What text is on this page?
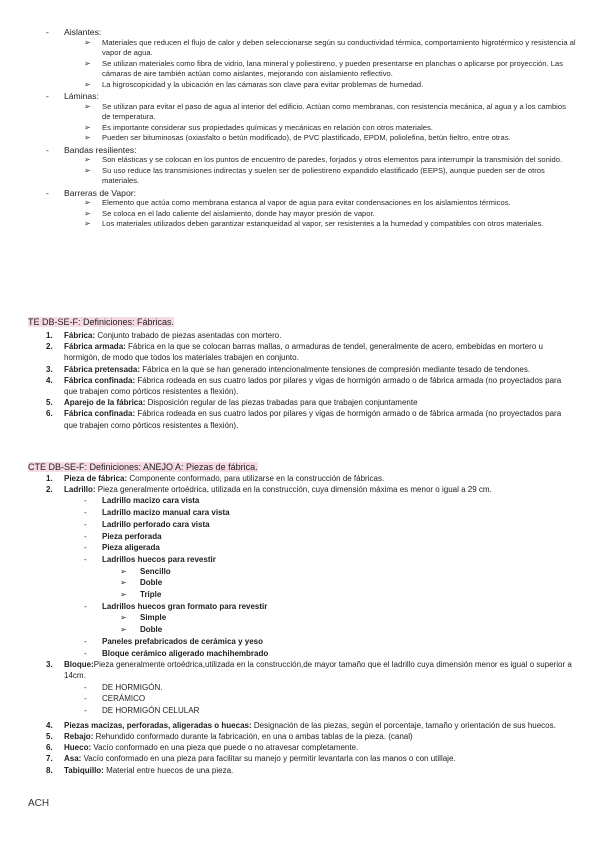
- Aislantes:
➢ Materiales que reducen el flujo de calor y deben seleccionarse según su conductividad térmica, comportamiento higrotérmico y resistencia al vapor de agua.
➢ Se utilizan materiales como fibra de vidrio, lana mineral y poliestireno, y pueden presentarse en planchas o aplicarse por proyección. Las cámaras de aire también actúan como aislantes, mejorando con aislamiento reflectivo.
➢ La higroscopicidad y la ubicación en las cámaras son clave para evitar problemas de humedad.
- Láminas:
➢ Se utilizan para evitar el paso de agua al interior del edificio. Actúan como membranas, con resistencia mecánica, al agua y a los cambios de temperatura.
➢ Es importante considerar sus propiedades químicas y mecánicas en relación con otros materiales.
➢ Pueden ser bituminosas (oxiasfalto o betún modificado), de PVC plastificado, EPDM, poliolefina, betún fieltro, entre otras.
- Bandas resilientes:
➢ Son elásticas y se colocan en los puntos de encuentro de paredes, forjados y otros elementos para interrumpir la transmisión del sonido.
➢ Su uso reduce las transmisiones indirectas y suelen ser de poliestireno expandido elastificado (EEPS), aunque pueden ser de otros materiales.
- Barreras de Vapor:
➢ Elemento que actúa como membrana estanca al vapor de agua para evitar condensaciones en los aislamientos térmicos.
➢ Se coloca en el lado caliente del aislamiento, donde hay mayor presión de vapor.
➢ Los materiales utilizados deben garantizar estanqueidad al vapor, ser resistentes a la humedad y compatibles con otros materiales.
TE DB-SE-F: Definiciones: Fábricas.
1. Fábrica: Conjunto trabado de piezas asentadas con mortero.
2. Fábrica armada: Fábrica en la que se colocan barras mallas, o armaduras de tendel, generalmente de acero, embebidas en mortero u hormigón, de modo que todos los materiales trabajen en conjunto.
3. Fábrica pretensada: Fábrica en la que se han generado intencionalmente tensiones de compresión mediante tesado de tendones.
4. Fábrica confinada: Fábrica rodeada en sus cuatro lados por pilares y vigas de hormigón armado o de fábrica armada (no proyectados para que trabajen como pórticos resistentes a flexión).
5. Aparejo de la fábrica: Disposición regular de las piezas trabadas para que trabajen conjuntamente
6. Fábrica confinada: Fábrica rodeada en sus cuatro lados por pilares y vigas de hormigón armado o de fábrica armada (no proyectados para que trabajen como pórticos resistentes a flexión).
CTE DB-SE-F: Definiciones: ANEJO A: Piezas de fábrica.
1. Pieza de fábrica: Componente conformado, para utilizarse en la construcción de fábricas.
2. Ladrillo: Pieza generalmente ortoédrica, utilizada en la construcción, cuya dimensión máxima es menor o igual a 29 cm.
- Ladrillo macizo cara vista
- Ladrillo macizo manual cara vista
- Ladrillo perforado cara vista
- Pieza perforada
- Pieza aligerada
- Ladrillos huecos para revestir
➢ Sencillo
➢ Doble
➢ Triple
- Ladrillos huecos gran formato para revestir
➢ Simple
➢ Doble
- Paneles prefabricados de cerámica y yeso
- Bloque cerámico aligerado machihembrado
3. Bloque:Pieza generalmente ortoédrica,utilizada en la construcción,de mayor tamaño que el ladrillo cuya dimensión menor es igual o superior a 14cm.
- DE HORMIGÓN.
- CERÁMICO
- DE HORMIGÓN CELULAR
4. Piezas macizas, perforadas, aligeradas o huecas: Designación de las piezas, según el porcentaje, tamaño y orientación de sus huecos.
5. Rebajo: Rehundido conformado durante la fabricación, en una o ambas tablas de la pieza. (canal)
6. Hueco: Vacío conformado en una pieza que puede o no atravesar completamente.
7. Asa: Vacío conformado en una pieza para facilitar su manejo y permitir levantarla con las manos o con utillaje.
8. Tabiquillo: Material entre huecos de una pieza.
ACH
